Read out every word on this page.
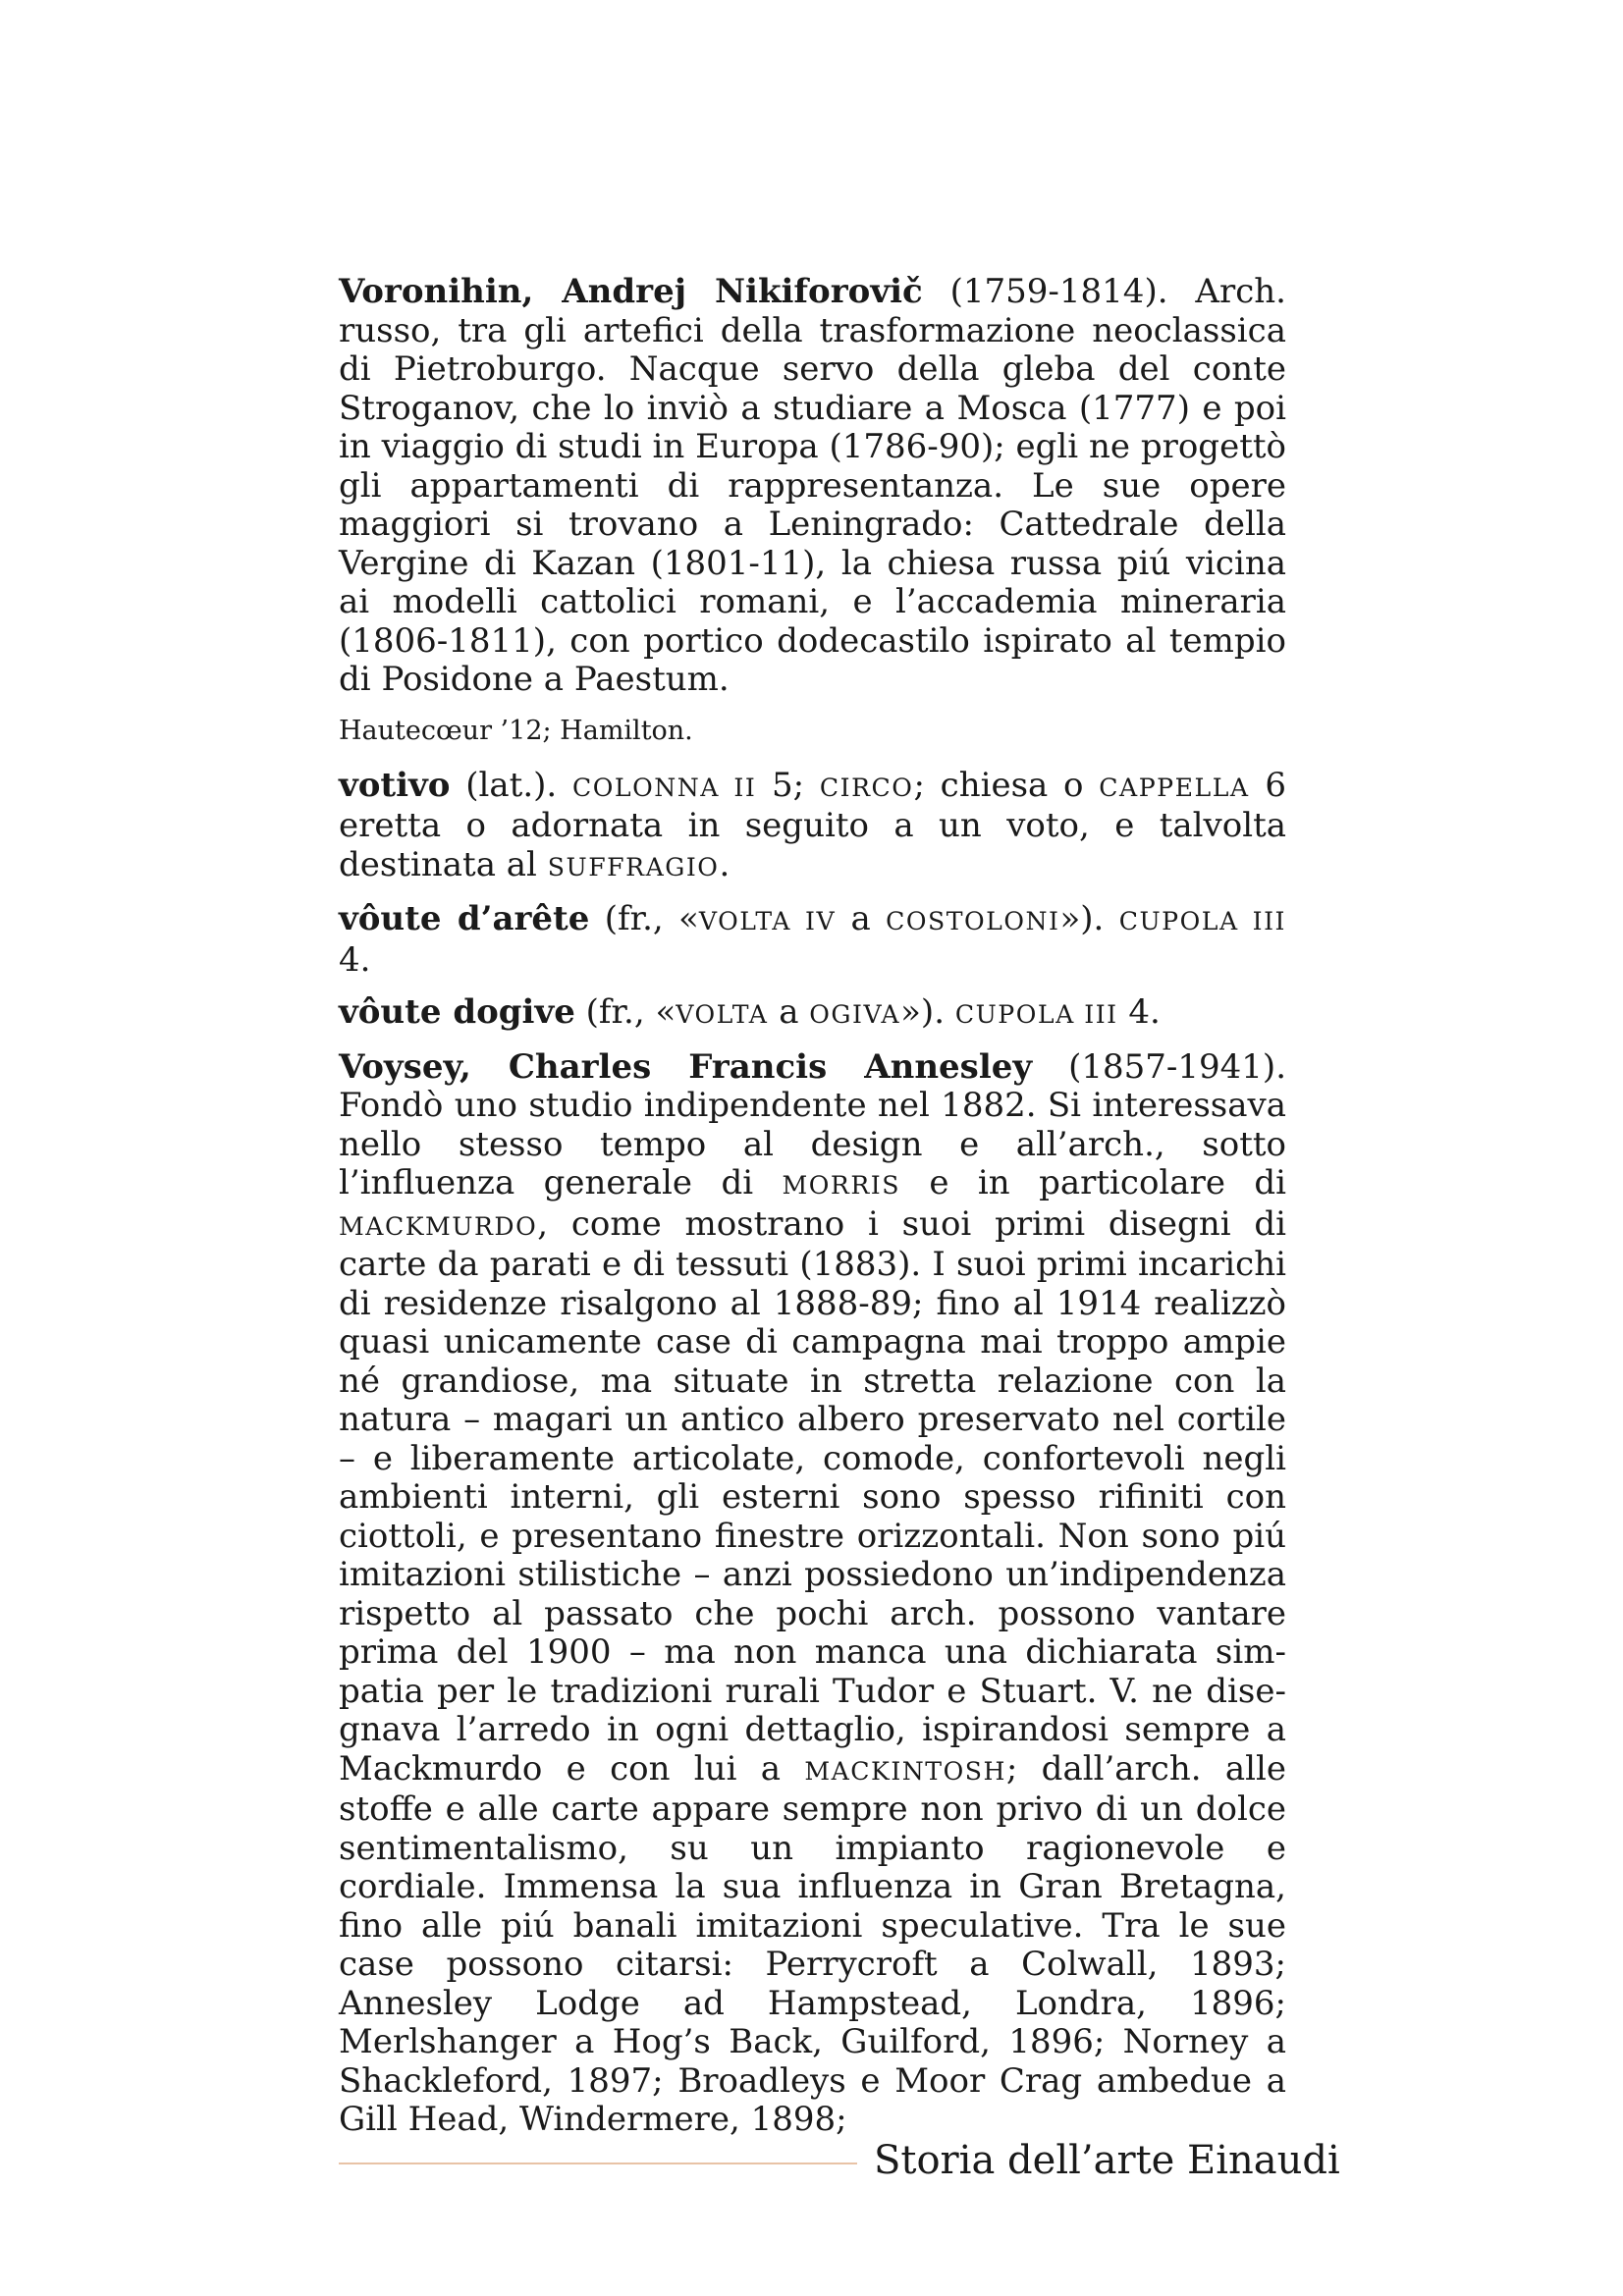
Voronihin, Andrej Nikiforovič (1759-1814). Arch. russo, tra gli artefici della trasformazione neoclassica di Pietroburgo. Nacque servo della gleba del conte Stroganov, che lo inviò a studiare a Mosca (1777) e poi in viaggio di studi in Europa (1786-90); egli ne progettò gli appartamenti di rappresentanza. Le sue opere maggiori si trovano a Leningrado: Cattedrale della Vergine di Kazan (1801-11), la chiesa russa piú vicina ai modelli cattolici romani, e l’accademia mineraria (1806-1811), con portico dodecastilo ispirato al tempio di Posidone a Paestum.

Hautecœur ’12; Hamilton.

votivo (lat.). COLONNA II 5; CIRCO; chiesa o CAPPELLA 6 eretta o adornata in seguito a un voto, e talvolta destinata al SUFFRAGIO.

vôute d’arête (fr., «VOLTA IV a COSTOLONI»). CUPOLA III 4.

vôute dogive (fr., «VOLTA a OGIVA»). CUPOLA III 4.

Voysey, Charles Francis Annesley (1857-1941). Fondò uno studio indipendente nel 1882. Si interessava nello stesso tempo al design e all’arch., sotto l’influenza generale di MORRIS e in particolare di MACKMURDO, come mostrano i suoi primi disegni di carte da parati e di tessuti (1883). I suoi primi incarichi di residenze risalgono al 1888-89; fino al 1914 realizzò quasi unicamente case di campagna mai troppo ampie né grandiose, ma situate in stretta relazione con la natura – magari un antico albero preservato nel cortile – e liberamente articolate, comode, confortevoli negli ambienti interni, gli esterni sono spesso rifiniti con ciottoli, e presentano finestre orizzontali. Non sono piú imitazioni stilistiche – anzi possiedono un’indipendenza rispetto al passato che pochi arch. possono vantare prima del 1900 – ma non manca una dichiarata simpatia per le tradizioni rurali Tudor e Stuart. V. ne disegnava l’arredo in ogni dettaglio, ispirandosi sempre a Mackmurdo e con lui a MACKINTOSH; dall’arch. alle stoffe e alle carte appare sempre non privo di un dolce sentimentalismo, su un impianto ragionevole e cordiale. Immensa la sua influenza in Gran Bretagna, fino alle piú banali imitazioni speculative. Tra le sue case possono citarsi: Perrycroft a Colwall, 1893; Annesley Lodge ad Hampstead, Londra, 1896; Merlshanger a Hog’s Back, Guilford, 1896; Norney a Shackleford, 1897; Broadleys e Moor Crag ambedue a Gill Head, Windermere, 1898;

Storia dell’arte Einaudi
